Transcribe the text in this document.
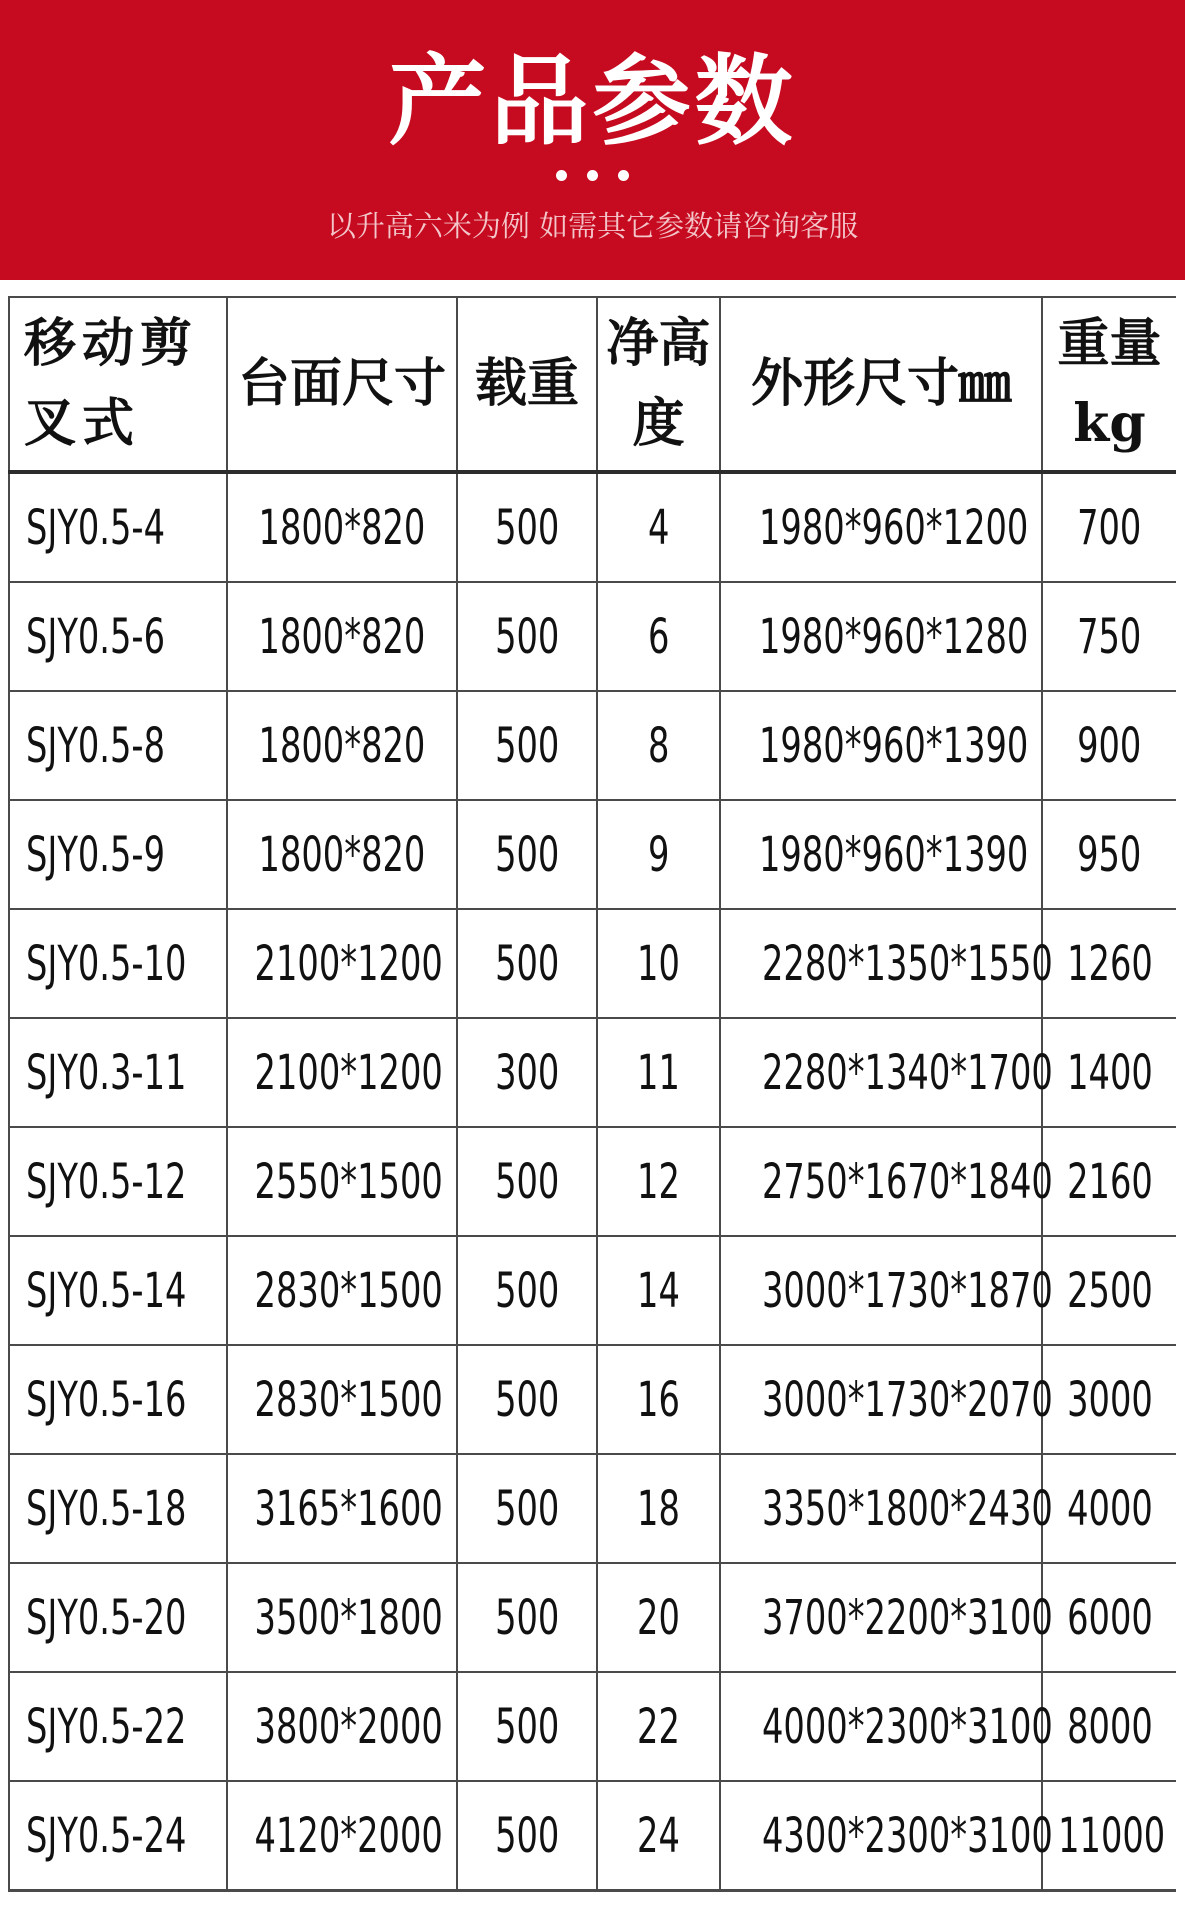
产品参数
以升高六米为例 如需其它参数请咨询客服
移动剪叉式	台面尺寸	载重	净高度	外形尺寸㎜	重量kg
SJY0.5-4	1800*820	500	4	1980*960*1200	700
SJY0.5-6	1800*820	500	6	1980*960*1280	750
SJY0.5-8	1800*820	500	8	1980*960*1390	900
SJY0.5-9	1800*820	500	9	1980*960*1390	950
SJY0.5-10	2100*1200	500	10	2280*1350*1550	1260
SJY0.3-11	2100*1200	300	11	2280*1340*1700	1400
SJY0.5-12	2550*1500	500	12	2750*1670*1840	2160
SJY0.5-14	2830*1500	500	14	3000*1730*1870	2500
SJY0.5-16	2830*1500	500	16	3000*1730*2070	3000
SJY0.5-18	3165*1600	500	18	3350*1800*2430	4000
SJY0.5-20	3500*1800	500	20	3700*2200*3100	6000
SJY0.5-22	3800*2000	500	22	4000*2300*3100	8000
SJY0.5-24	4120*2000	500	24	4300*2300*3100	11000
